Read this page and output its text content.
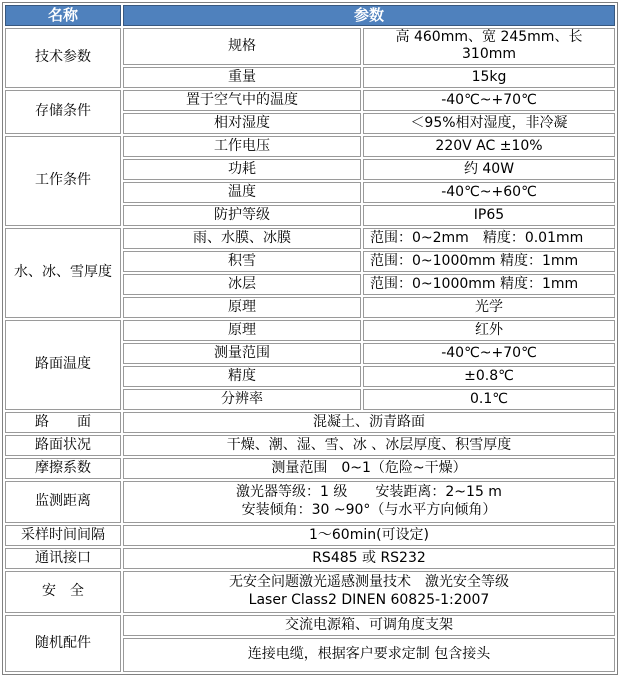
名称	参数	
技术参数	规格	高 460mm、宽 245mm、长 310mm
	重量	15kg
存储条件	置于空气中的温度	-40℃~+70℃
	相对湿度	＜95%相对湿度，非冷凝
工作条件	工作电压	220V AC ±10%
	功耗	约 40W
	温度	-40℃~+60℃
	防护等级	IP65
水、冰、雪厚度	雨、水膜、冰膜	范围：0~2mm　精度：0.01mm
	积雪	范围：0~1000mm 精度：1mm
	冰层	范围：0~1000mm 精度：1mm
	原理	光学
路面温度	原理	红外
	测量范围	-40℃~+70℃
	精度	±0.8℃
	分辨率	0.1℃
路　　面	混凝土、沥青路面	
路面状况	干燥、潮、湿、雪、冰 、冰层厚度、积雪厚度	
摩擦系数	测量范围　0~1（危险~干燥）	
监测距离	激光器等级：1 级　　安装距离：2~15 m
安装倾角：30 ~90°（与水平方向倾角）	

采样时间间隔	1～60min(可设定)	
通讯接口	RS485 或 RS232	
安　全	无安全问题激光遥感测量技术　激光安全等级
Laser Class2 DINEN 60825-1:2007	

随机配件	交流电源箱、可调角度支架	
	连接电缆，根据客户要求定制 包含接头	
